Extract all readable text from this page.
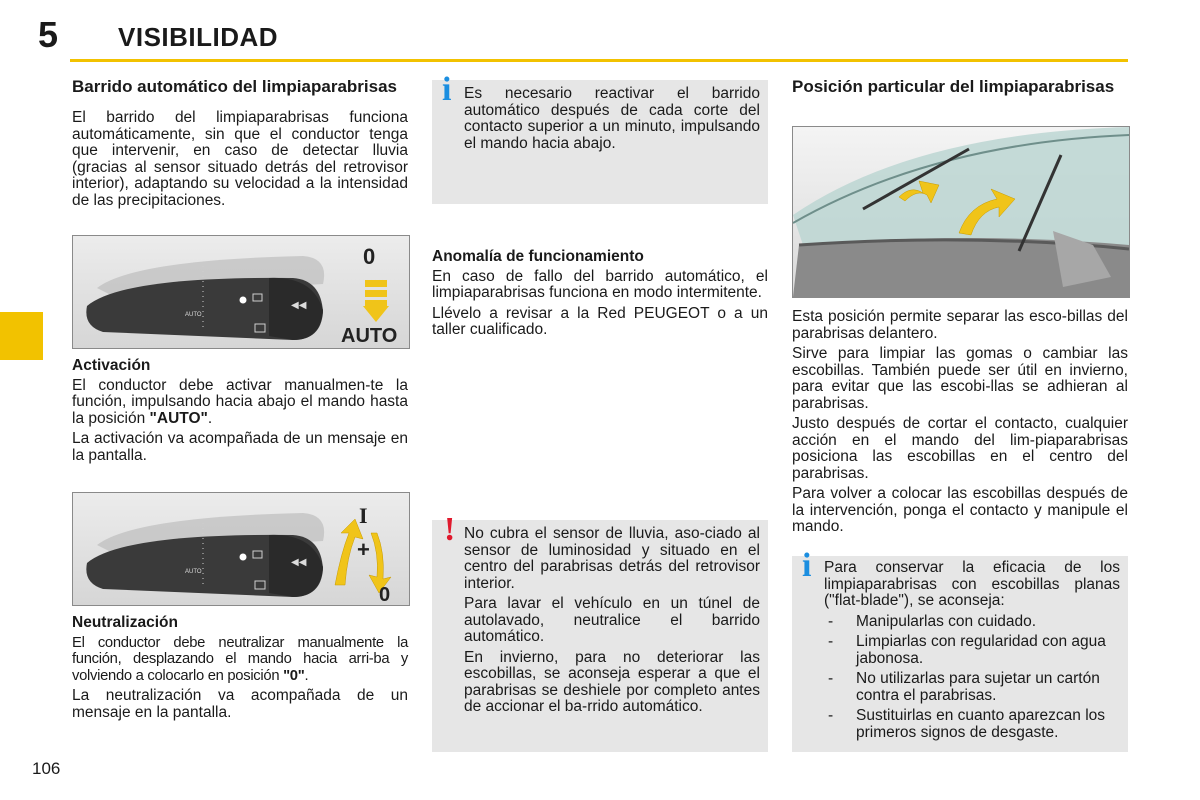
5 VISIBILIDAD
Barrido automático del limpiaparabrisas

El barrido del limpiaparabrisas funciona automáticamente, sin que el conductor tenga que intervenir, en caso de detectar lluvia (gracias al sensor situado detrás del retrovisor interior), adaptando su velocidad a la intensidad de las precipitaciones.

◀◀
AUTO
0
AUTO
Activación

El conductor debe activar manualmen-te la función, impulsando hacia abajo el mando hasta la posición "AUTO".

La activación va acompañada de un mensaje en la pantalla.

◀◀
AUTO
I
+
0
Neutralización

El conductor debe neutralizar manualmente la función, desplazando el mando hacia arri-ba y volviendo a colocarlo en posición "0".

La neutralización va acompañada de un mensaje en la pantalla.

i Es necesario reactivar el barrido automático después de cada corte del contacto superior a un minuto, impulsando el mando hacia abajo.

Anomalía de funcionamiento

En caso de fallo del barrido automático, el limpiaparabrisas funciona en modo intermitente.

Llévelo a revisar a la Red PEUGEOT o a un taller cualificado.

! No cubra el sensor de lluvia, aso-ciado al sensor de luminosidad y situado en el centro del parabrisas detrás del retrovisor interior.

Para lavar el vehículo en un túnel de autolavado, neutralice el barrido automático.

En invierno, para no deteriorar las escobillas, se aconseja esperar a que el parabrisas se deshiele por completo antes de accionar el ba-rrido automático.

Posición particular del limpiaparabrisas

Esta posición permite separar las esco-billas del parabrisas delantero.

Sirve para limpiar las gomas o cambiar las escobillas. También puede ser útil en invierno, para evitar que las escobi-llas se adhieran al parabrisas.

Justo después de cortar el contacto, cualquier acción en el mando del lim-piaparabrisas posiciona las escobillas en el centro del parabrisas.

Para volver a colocar las escobillas después de la intervención, ponga el contacto y manipule el mando.

i Para conservar la eficacia de los limpiaparabrisas con escobillas planas ("flat-blade"), se aconseja:

- Manipularlas con cuidado.
- Limpiarlas con regularidad con agua jabonosa.
- No utilizarlas para sujetar un cartón contra el parabrisas.
- Sustituirlas en cuanto aparezcan los primeros signos de desgaste.
106
